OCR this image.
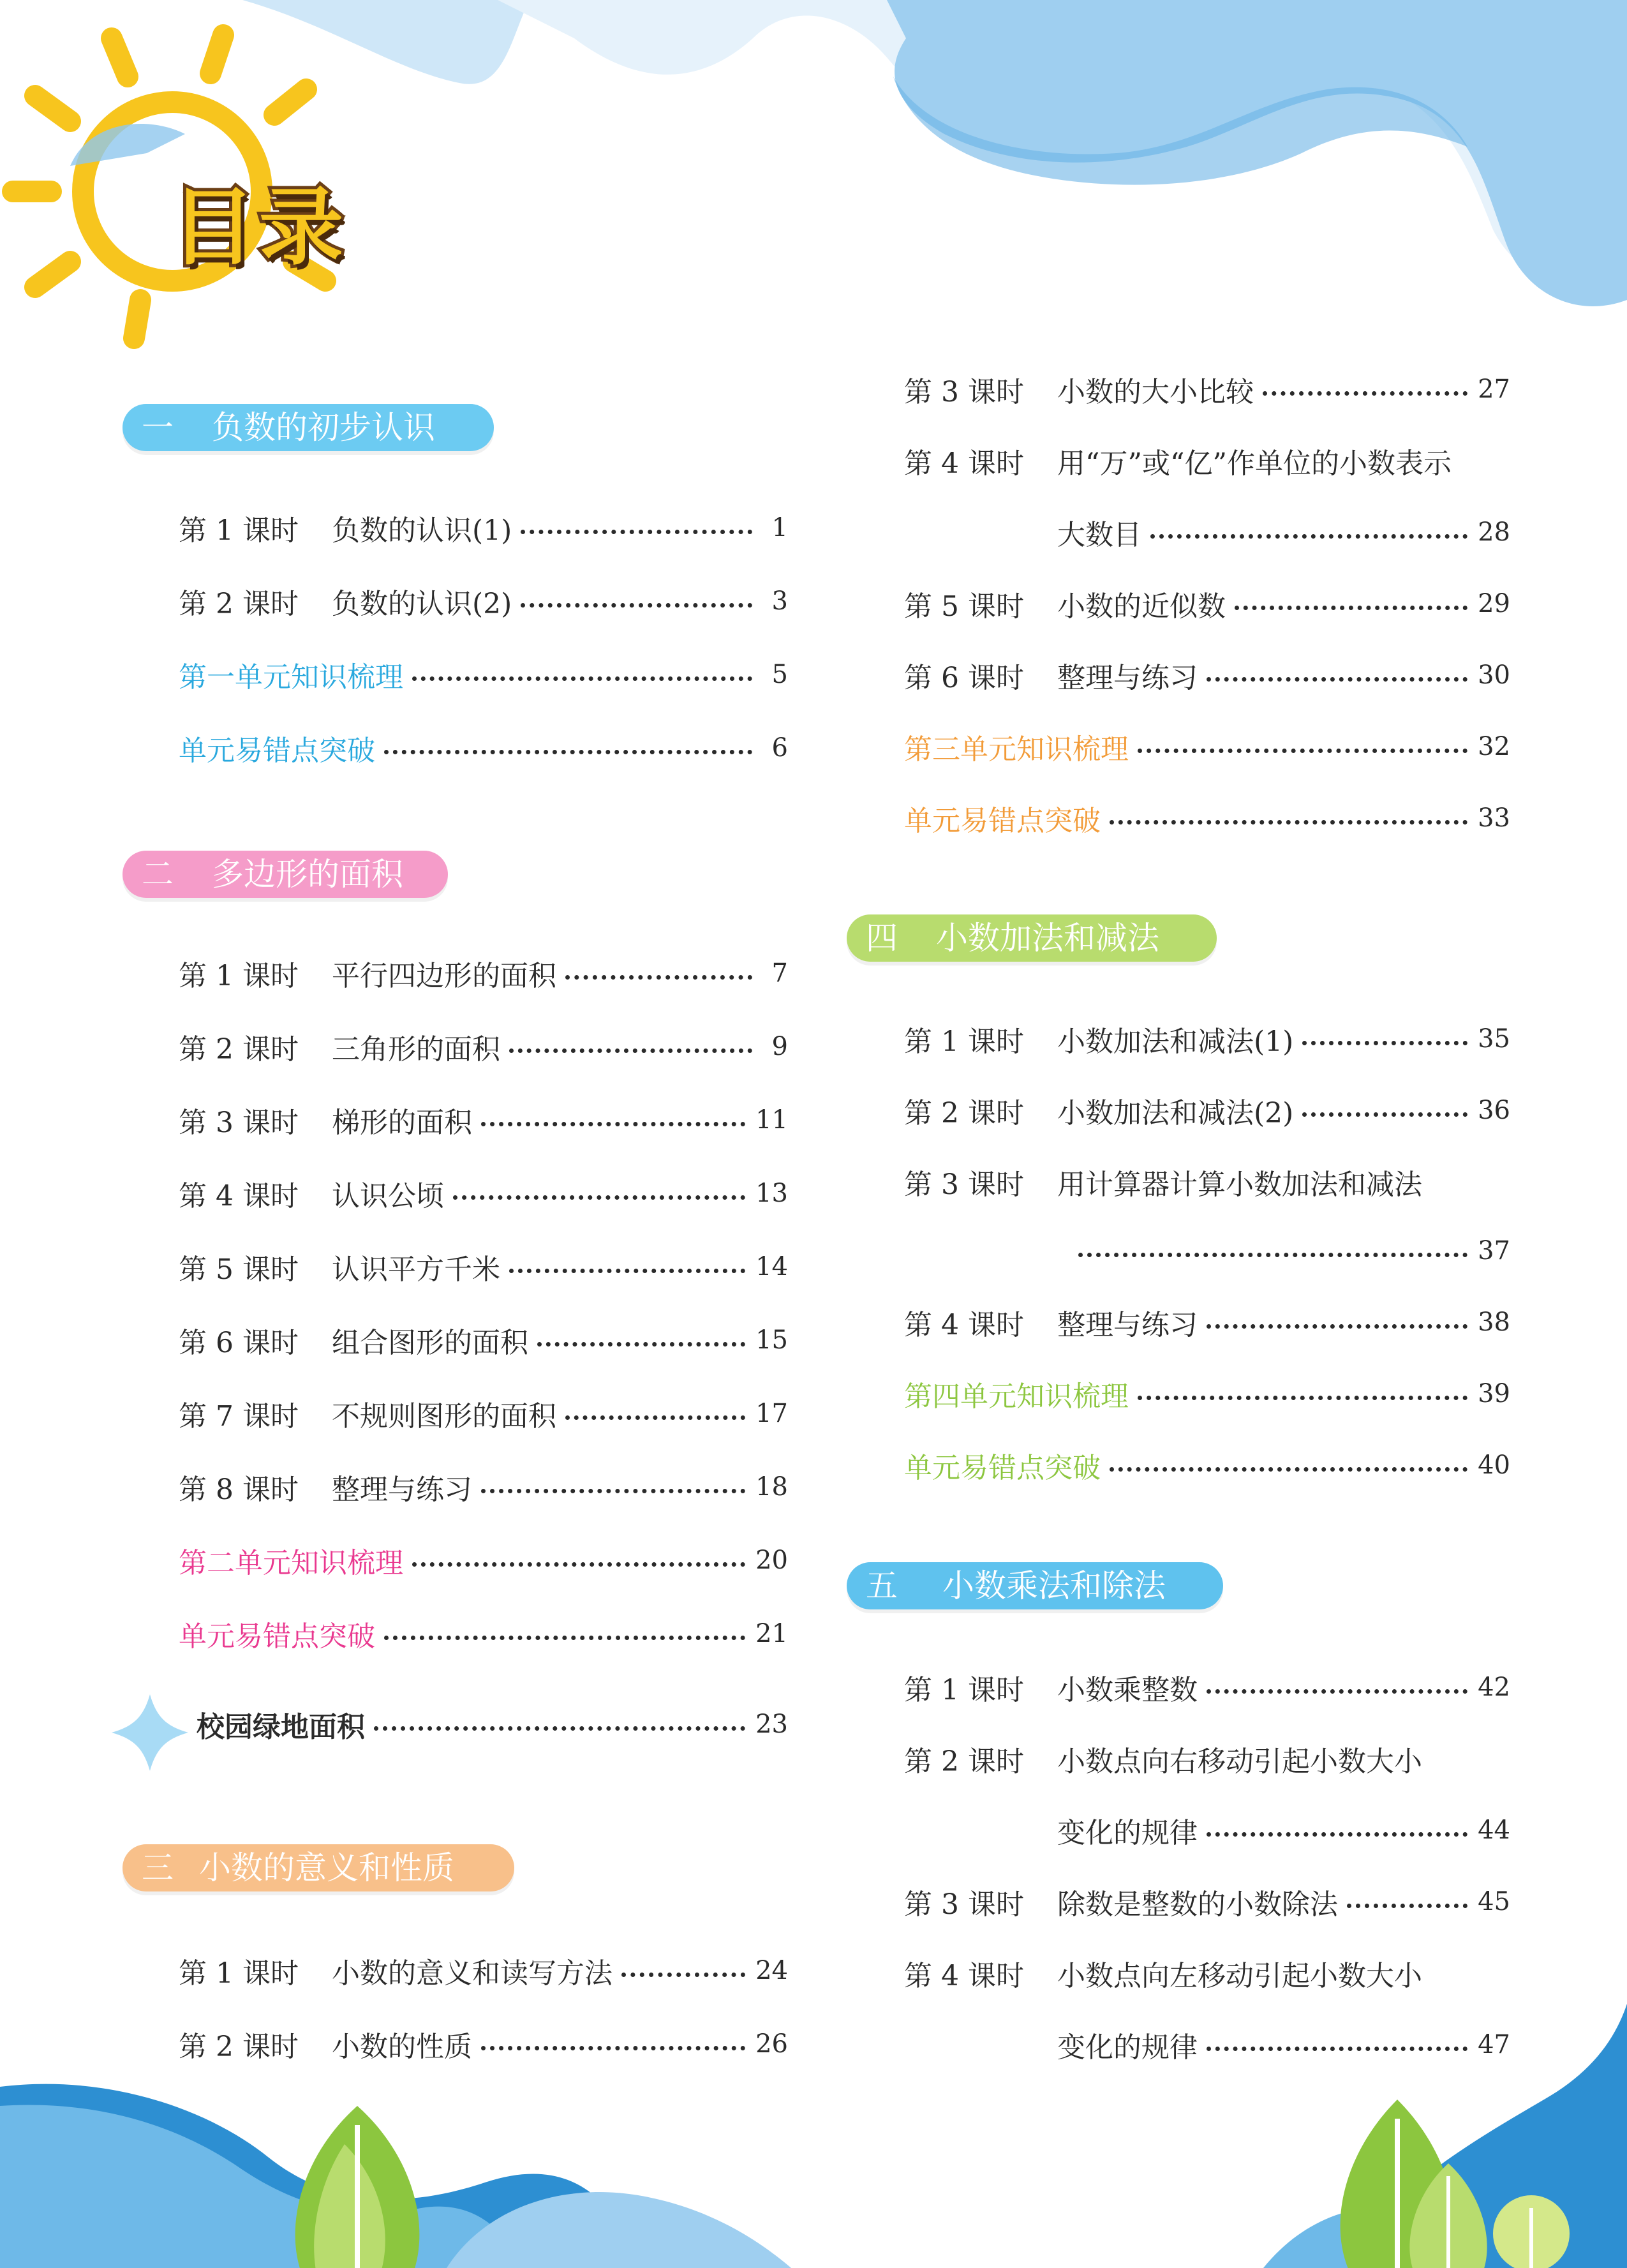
目录
一 负数的初步认识
第 1 课时	负数的认识(1)	1
第 2 课时	负数的认识(2)	3
第一单元知识梳理	5
单元易错点突破	6
二 多边形的面积
第 1 课时	平行四边形的面积	7
第 2 课时	三角形的面积	9
第 3 课时	梯形的面积	11
第 4 课时	认识公顷	13
第 5 课时	认识平方千米	14
第 6 课时	组合图形的面积	15
第 7 课时	不规则图形的面积	17
第 8 课时	整理与练习	18
第二单元知识梳理	20
单元易错点突破	21
校园绿地面积	23
三 小数的意义和性质
第 1 课时	小数的意义和读写方法	24
第 2 课时	小数的性质	26
第 3 课时	小数的大小比较	27
第 4 课时	用“万”或“亿”作单位的小数表示
大数目	28
第 5 课时	小数的近似数	29
第 6 课时	整理与练习	30
第三单元知识梳理	32
单元易错点突破	33
四 小数加法和减法
第 1 课时	小数加法和减法(1)	35
第 2 课时	小数加法和减法(2)	36
第 3 课时	用计算器计算小数加法和减法
37
第 4 课时	整理与练习	38
第四单元知识梳理	39
单元易错点突破	40
五 小数乘法和除法
第 1 课时	小数乘整数	42
第 2 课时	小数点向右移动引起小数大小
变化的规律	44
第 3 课时	除数是整数的小数除法	45
第 4 课时	小数点向左移动引起小数大小
变化的规律	47
